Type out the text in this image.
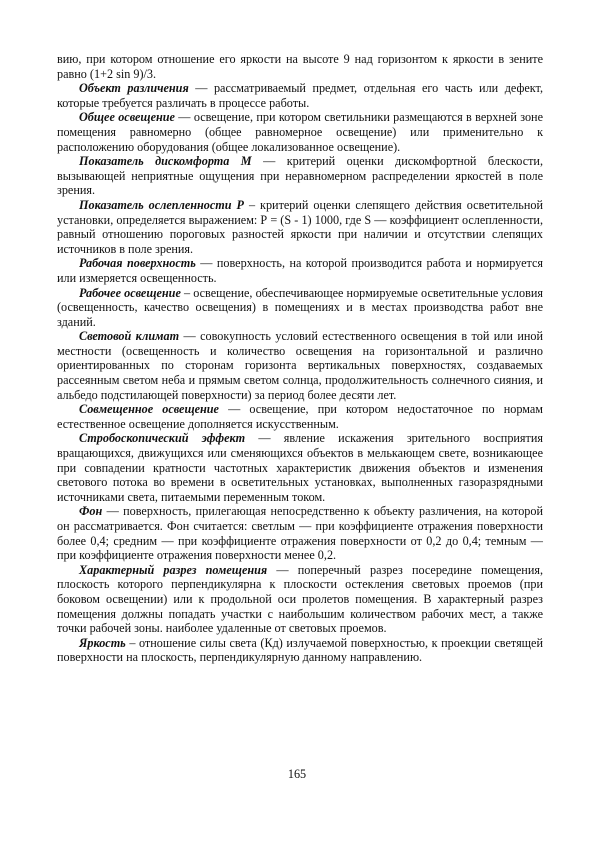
вию, при котором отношение его яркости на высоте 9 над горизонтом к яркости в зените равно (1+2 sin 9)/3.

Объект различения — рассматриваемый предмет, отдельная его часть или дефект, которые требуется различать в процессе работы.

Общее освещение — освещение, при котором светильники размещаются в верхней зоне помещения равномерно (общее равномерное освещение) или применительно к расположению оборудования (общее локализованное освещение).

Показатель дискомфорта М — критерий оценки дискомфортной блескости, вызывающей неприятные ощущения при неравномерном распределении яркостей в поле зрения.

Показатель ослепленности Р – критерий оценки слепящего действия осветительной установки, определяется выражением: Р = (S - 1) 1000, где S — коэффициент ослепленности, равный отношению пороговых разностей яркости при наличии и отсутствии слепящих источников в поле зрения.

Рабочая поверхность — поверхность, на которой производится работа и нормируется или измеряется освещенность.

Рабочее освещение – освещение, обеспечивающее нормируемые осветительные условия (освещенность, качество освещения) в помещениях и в местах производства работ вне зданий.

Световой климат — совокупность условий естественного освещения в той или иной местности (освещенность и количество освещения на горизонтальной и различно ориентированных по сторонам горизонта вертикальных поверхностях, создаваемых рассеянным светом неба и прямым светом солнца, продолжительность солнечного сияния, и альбедо подстилающей поверхности) за период более десяти лет.

Совмещенное освещение — освещение, при котором недостаточное по нормам естественное освещение дополняется искусственным.

Стробоскопический эффект — явление искажения зрительного восприятия вращающихся, движущихся или сменяющихся объектов в мелькающем свете, возникающее при совпадении кратности частотных характеристик движения объектов и изменения светового потока во времени в осветительных установках, выполненных газоразрядными источниками света, питаемыми переменным током.

Фон — поверхность, прилегающая непосредственно к объекту различения, на которой он рассматривается. Фон считается: светлым — при коэффициенте отражения поверхности более 0,4; средним — при коэффициенте отражения поверхности от 0,2 до 0,4; темным — при коэффициенте отражения поверхности менее 0,2.

Характерный разрез помещения — поперечный разрез посередине помещения, плоскость которого перпендикулярна к плоскости остекления световых проемов (при боковом освещении) или к продольной оси пролетов помещения. В характерный разрез помещения должны попадать участки с наибольшим количеством рабочих мест, а также точки рабочей зоны. наиболее удаленные от световых проемов.

Яркость – отношение силы света (Кд) излучаемой поверхностью, к проекции светящей поверхности на плоскость, перпендикулярную данному направлению.

165
